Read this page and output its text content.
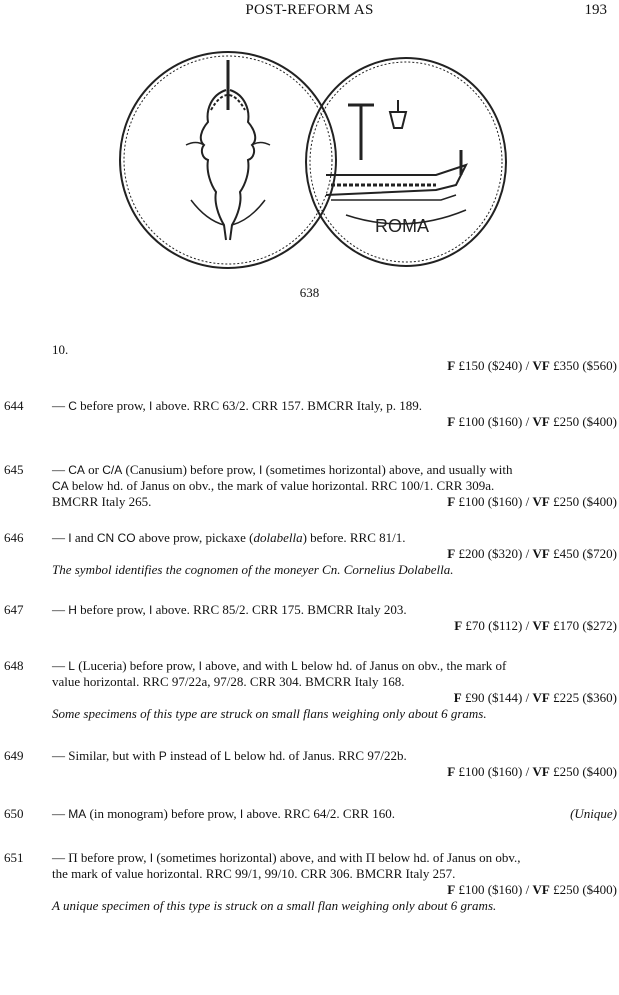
POST-REFORM AS	193
ROMA
638
10.
F £150 ($240) / VF £350 ($560)
644 — C before prow, I above. RRC 63/2. CRR 157. BMCRR Italy, p. 189.
F £100 ($160) / VF £250 ($400)
645 — CA or C/A (Canusium) before prow, I (sometimes horizontal) above, and usually with
CA below hd. of Janus on obv., the mark of value horizontal. RRC 100/1. CRR 309a.
BMCRR Italy 265.	F £100 ($160) / VF £250 ($400)
646 — I and CN CO above prow, pickaxe (dolabella) before. RRC 81/1.
F £200 ($320) / VF £450 ($720)
The symbol identifies the cognomen of the moneyer Cn. Cornelius Dolabella.
647 — H before prow, I above. RRC 85/2. CRR 175. BMCRR Italy 203.
F £70 ($112) / VF £170 ($272)
648 — L (Luceria) before prow, I above, and with L below hd. of Janus on obv., the mark of
value horizontal. RRC 97/22a, 97/28. CRR 304. BMCRR Italy 168.
F £90 ($144) / VF £225 ($360)
Some specimens of this type are struck on small flans weighing only about 6 grams.
649 — Similar, but with P instead of L below hd. of Janus. RRC 97/22b.
F £100 ($160) / VF £250 ($400)
650 — MA (in monogram) before prow, I above. RRC 64/2. CRR 160.	(Unique)
651 — Π before prow, I (sometimes horizontal) above, and with Π below hd. of Janus on obv.,
the mark of value horizontal. RRC 99/1, 99/10. CRR 306. BMCRR Italy 257.
F £100 ($160) / VF £250 ($400)
A unique specimen of this type is struck on a small flan weighing only about 6 grams.
